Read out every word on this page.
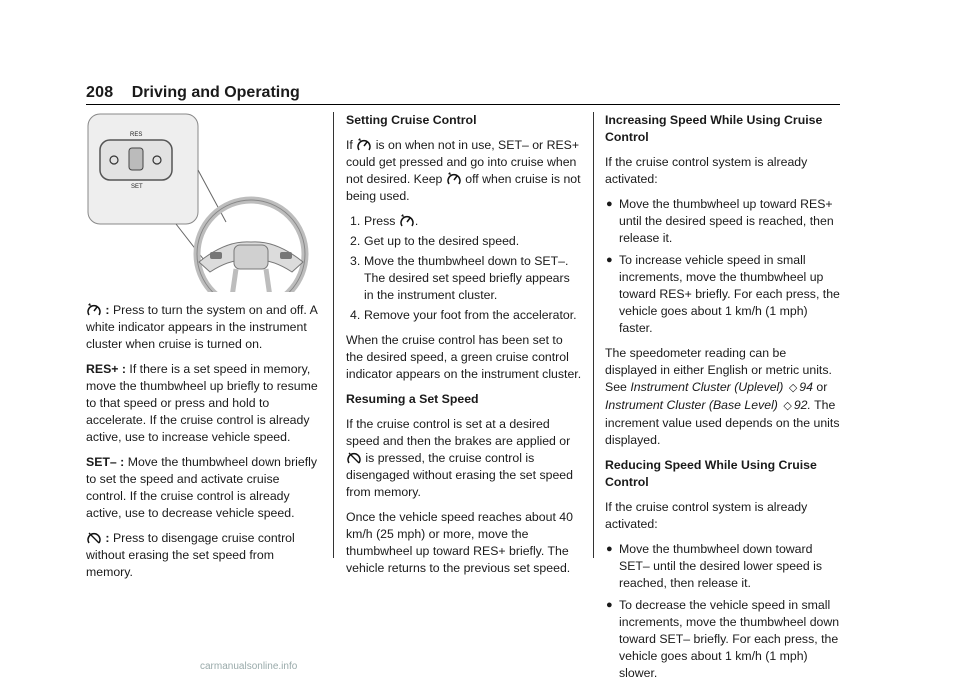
208 Driving and Operating
RES
SET

: Press to turn the system on and off. A white indicator appears in the instrument cluster when cruise is turned on.

RES+ : If there is a set speed in memory, move the thumbwheel up briefly to resume to that speed or press and hold to accelerate. If the cruise control is already active, use to increase vehicle speed.

SET– : Move the thumbwheel down briefly to set the speed and activate cruise control. If the cruise control is already active, use to decrease vehicle speed.

: Press to disengage cruise control without erasing the set speed from memory.

Setting Cruise Control

If is on when not in use, SET– or RES+ could get pressed and go into cruise when not desired. Keep off when cruise is not being used.

1. Press .
2. Get up to the desired speed.
3. Move the thumbwheel down to SET–. The desired set speed briefly appears in the instrument cluster.
4. Remove your foot from the accelerator.

When the cruise control has been set to the desired speed, a green cruise control indicator appears on the instrument cluster.

Resuming a Set Speed

If the cruise control is set at a desired speed and then the brakes are applied or  is pressed, the cruise control is disengaged without erasing the set speed from memory.

Once the vehicle speed reaches about 40 km/h (25 mph) or more, move the thumbwheel up toward RES+ briefly. The vehicle returns to the previous set speed.

Increasing Speed While Using Cruise Control

If the cruise control system is already activated:

● Move the thumbwheel up toward RES+ until the desired speed is reached, then release it.
● To increase vehicle speed in small increments, move the thumbwheel up toward RES+ briefly. For each press, the vehicle goes about 1 km/h (1 mph) faster.

The speedometer reading can be displayed in either English or metric units. See Instrument Cluster (Uplevel) ◇ 94 or Instrument Cluster (Base Level) ◇ 92. The increment value used depends on the units displayed.

Reducing Speed While Using Cruise Control

If the cruise control system is already activated:

● Move the thumbwheel down toward SET– until the desired lower speed is reached, then release it.
● To decrease the vehicle speed in small increments, move the thumbwheel down toward SET– briefly. For each press, the vehicle goes about 1 km/h (1 mph) slower.
carmanualsonline.info
